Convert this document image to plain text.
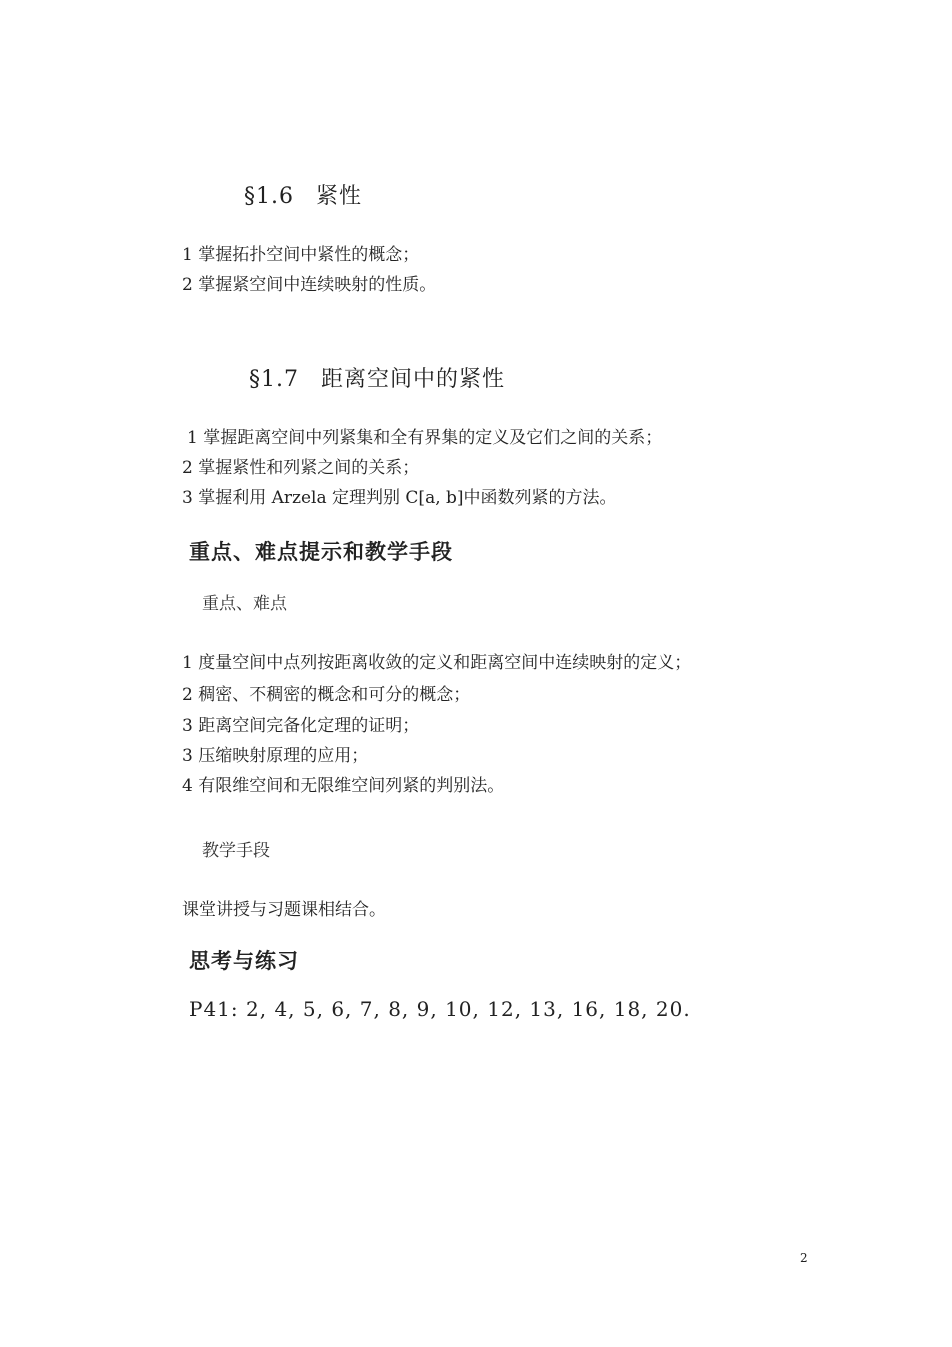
§1.6 紧性
1 掌握拓扑空间中紧性的概念；
2 掌握紧空间中连续映射的性质。
§1.7 距离空间中的紧性
1 掌握距离空间中列紧集和全有界集的定义及它们之间的关系；
2 掌握紧性和列紧之间的关系；
3 掌握利用 Arzela 定理判别 C[a, b]中函数列紧的方法。
重点、难点提示和教学手段
重点、难点
1 度量空间中点列按距离收敛的定义和距离空间中连续映射的定义；
2 稠密、不稠密的概念和可分的概念；
3 距离空间完备化定理的证明；
3 压缩映射原理的应用；
4 有限维空间和无限维空间列紧的判别法。
教学手段
课堂讲授与习题课相结合。
思考与练习
P41: 2, 4, 5, 6, 7, 8, 9, 10, 12, 13, 16, 18, 20.
2
